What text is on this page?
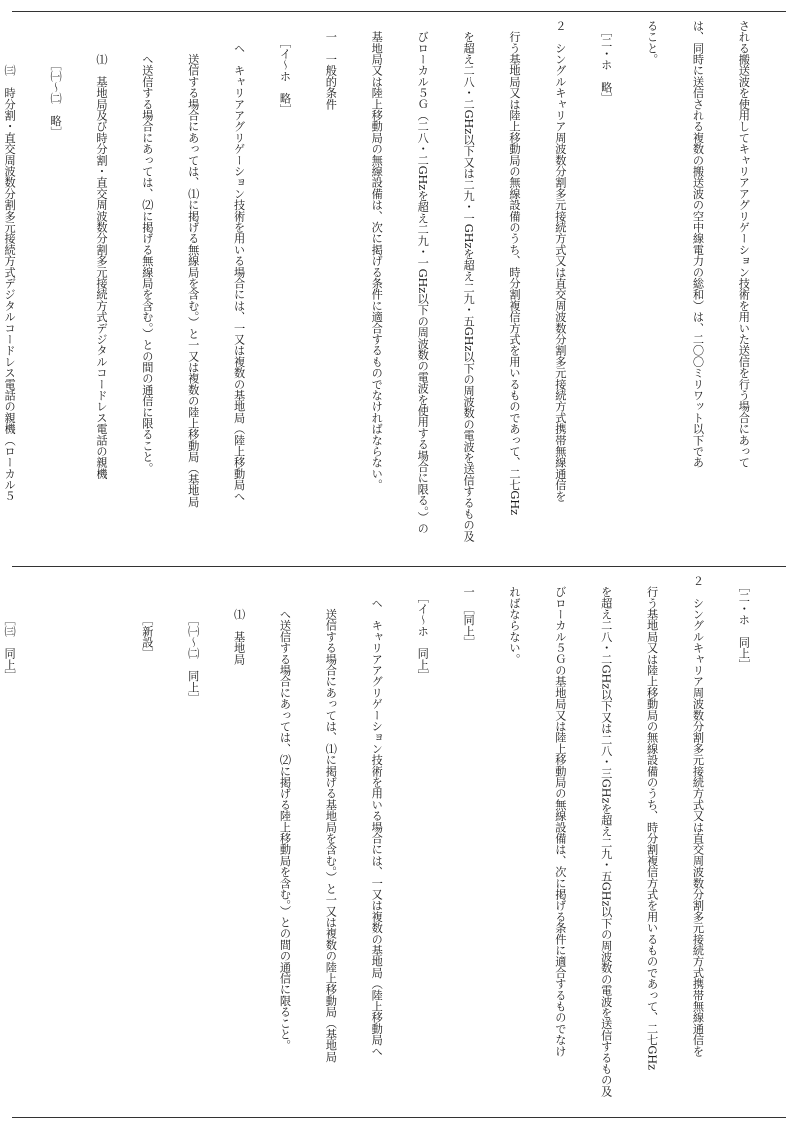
される搬送波を使用してキャリアアグリゲーション技術を用いた送信を行う場合にあって

は、同時に送信される複数の搬送波の空中線電力の総和）は、二〇〇ミリワット以下であ

ること。

　［二・ホ　略］

２　シングルキャリア周波数分割多元接続方式又は直交周波数分割多元接続方式携帯無線通信を

　行う基地局又は陸上移動局の無線設備のうち、時分割複信方式を用いるものであって、二七GHz

　を超え二八・二GHz以下又は二九・一GHzを超え二九・五GHz以下の周波数の電波を送信するもの及

　びローカル５Ｇ（二八・二GHzを超え二九・一GHz以下の周波数の電波を使用する場合に限る。）の

　基地局又は陸上移動局の無線設備は、次に掲げる条件に適合するものでなければならない。

　一　一般的条件

　　［イ～ホ　略］

　　ヘ　キャリアアグリゲーション技術を用いる場合には、一又は複数の基地局（陸上移動局へ

　　　送信する場合にあっては、⑴に掲げる無線局を含む。）と一又は複数の陸上移動局（基地局

　　　へ送信する場合にあっては、⑵に掲げる無線局を含む。）との間の通信に限ること。

　　　⑴　基地局及び時分割・直交周波数分割多元接続方式デジタルコードレス電話の親機

　　　　［㈠～㈡　略］

　　　　㈢　時分割・直交周波数分割多元接続方式デジタルコードレス電話の親機（ローカル５

　［二・ホ　同上］

２　シングルキャリア周波数分割多元接続方式又は直交周波数分割多元接続方式携帯無線通信を

　行う基地局又は陸上移動局の無線設備のうち、時分割複信方式を用いるものであって、二七GHz

　を超え二八・二GHz以下又は二八・三GHzを超え二九・五GHz以下の周波数の電波を送信するもの及

　びローカル５Ｇの基地局又は陸上移動局の無線設備は、次に掲げる条件に適合するものでなけ

　ればならない。

　一　［同上］

　　［イ～ホ　同上］

　　ヘ　キャリアアグリゲーション技術を用いる場合には、一又は複数の基地局（陸上移動局へ

　　　送信する場合にあっては、⑴に掲げる基地局を含む。）と一又は複数の陸上移動局（基地局

　　　へ送信する場合にあっては、⑵に掲げる陸上移動局を含む。）との間の通信に限ること。

　　　⑴　基地局

　　　　［㈠～㈡　同上］

　　　　［新設］

　　　　［㈢　同上］
